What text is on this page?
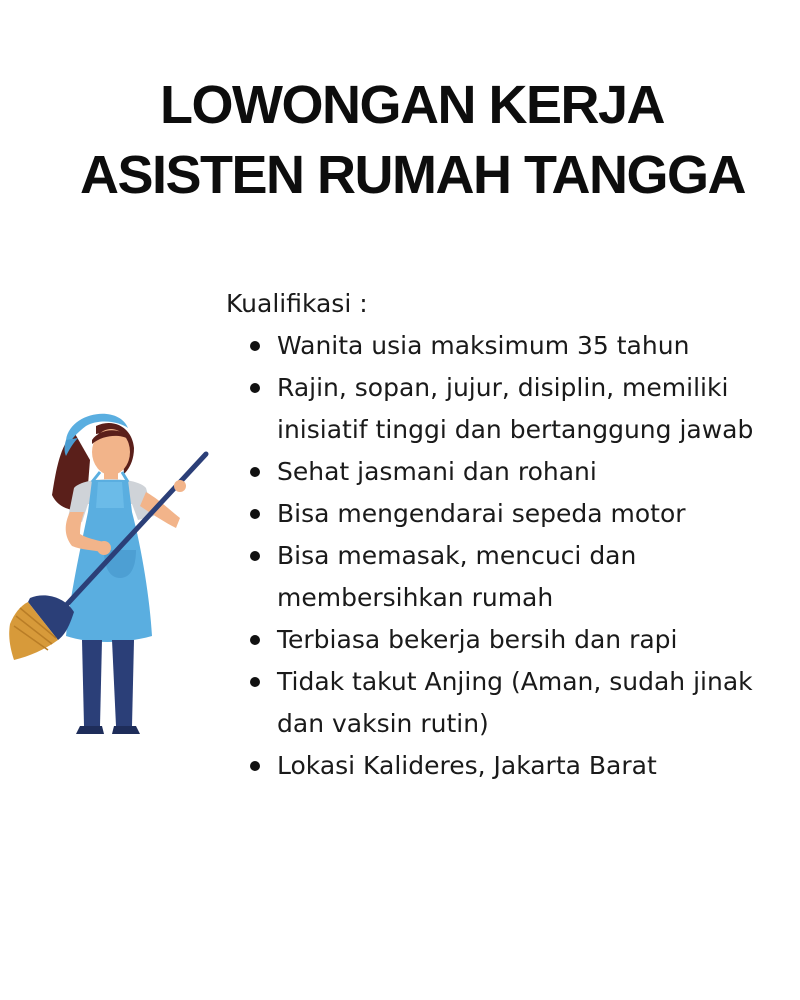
LOWONGAN KERJA
ASISTEN RUMAH TANGGA
Kualifikasi :
Wanita usia maksimum 35 tahun
Rajin, sopan, jujur, disiplin, memiliki inisiatif tinggi dan bertanggung jawab
Sehat jasmani dan rohani
Bisa mengendarai sepeda motor
Bisa memasak, mencuci dan membersihkan rumah
Terbiasa bekerja bersih dan rapi
Tidak takut Anjing (Aman, sudah jinak dan vaksin rutin)
Lokasi Kalideres, Jakarta Barat
